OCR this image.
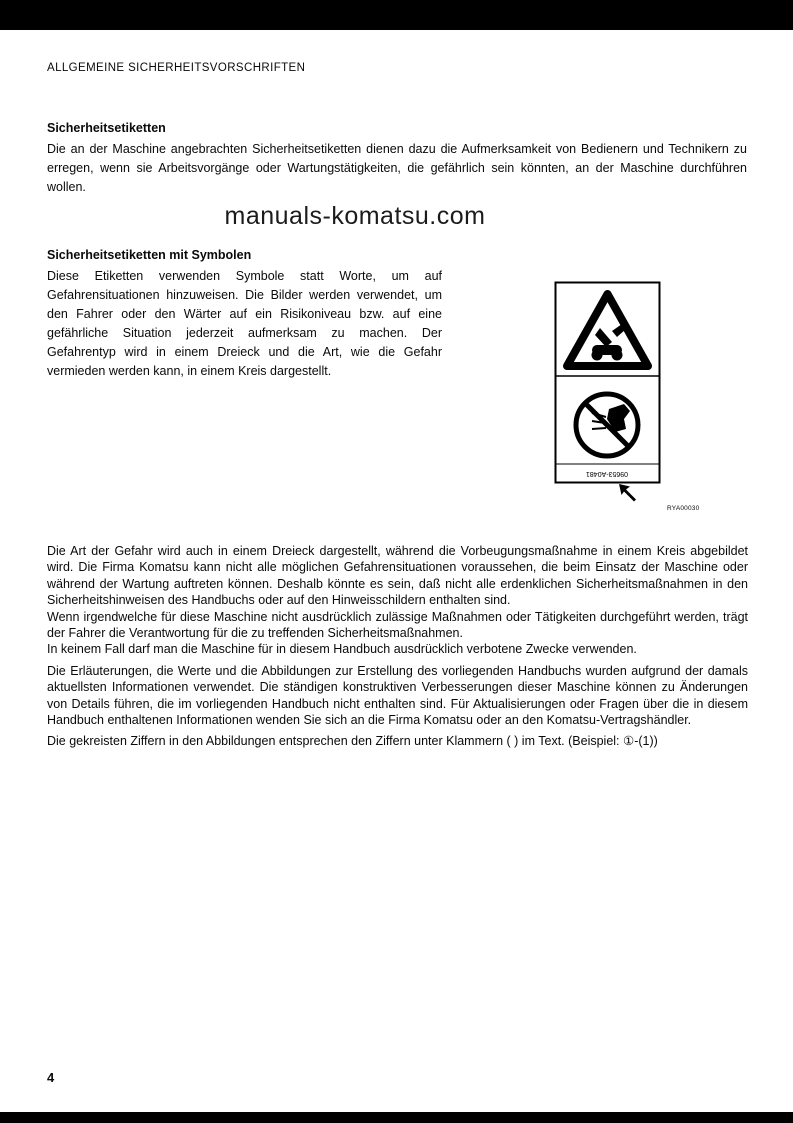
ALLGEMEINE SICHERHEITSVORSCHRIFTEN
Sicherheitsetiketten

Die an der Maschine angebrachten Sicherheitsetiketten dienen dazu die Aufmerksamkeit von Bedienern und Technikern zu erregen, wenn sie Arbeitsvorgänge oder Wartungstätigkeiten, die gefährlich sein könnten, an der Maschine durchführen wollen.

manuals-komatsu.com
Sicherheitsetiketten mit Symbolen

Diese Etiketten verwenden Symbole statt Worte, um auf Gefahrensituationen hinzuweisen. Die Bilder werden verwendet, um den Fahrer oder den Wärter auf ein Risikoniveau bzw. auf eine gefährliche Situation jederzeit aufmerksam zu machen. Der Gefahrentyp wird in einem Dreieck und die Art, wie die Gefahr vermieden werden kann, in einem Kreis dargestellt.

09653-A0481
RYA00030

Die Art der Gefahr wird auch in einem Dreieck dargestellt, während die Vorbeugungsmaßnahme in einem Kreis abgebildet wird. Die Firma Komatsu kann nicht alle möglichen Gefahrensituationen voraussehen, die beim Einsatz der Maschine oder während der Wartung auftreten können. Deshalb könnte es sein, daß nicht alle erdenklichen Sicherheitsmaßnahmen in den Sicherheitshinweisen des Handbuchs oder auf den Hinweisschildern enthalten sind.

Wenn irgendwelche für diese Maschine nicht ausdrücklich zulässige Maßnahmen oder Tätigkeiten durchgeführt werden, trägt der Fahrer die Verantwortung für die zu treffenden Sicherheitsmaßnahmen.

In keinem Fall darf man die Maschine für in diesem Handbuch ausdrücklich verbotene Zwecke verwenden.

Die Erläuterungen, die Werte und die Abbildungen zur Erstellung des vorliegenden Handbuchs wurden aufgrund der damals aktuellsten Informationen verwendet. Die ständigen konstruktiven Verbesserungen dieser Maschine können zu Änderungen von Details führen, die im vorliegenden Handbuch nicht enthalten sind. Für Aktualisierungen oder Fragen über die in diesem Handbuch enthaltenen Informationen wenden Sie sich an die Firma Komatsu oder an den Komatsu-Vertragshändler.

Die gekreisten Ziffern in den Abbildungen entsprechen den Ziffern unter Klammern ( ) im Text. (Beispiel: ①-(1))

4
